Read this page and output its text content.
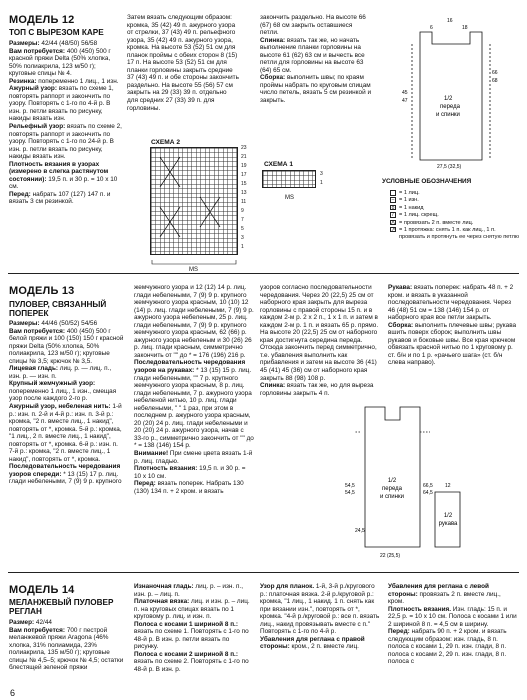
МОДЕЛЬ 12
ТОП С ВЫРЕЗОМ КАРЕ

Размеры: 42/44 (48/50) 56/58

Вам потребуется: 400 (450) 500 г красной пряжи Delta (50% хлопка, 50% полиакрила, 123 м/50 г); круговые спицы № 4.

Резинка: попеременно 1 лиц., 1 изн.

Ажурный узор: вязать по схеме 1, повторять раппорт и закончить по узору. Повторять с 1-го по 4-й р. В изн. р. петли вязать по рисунку, накиды вязать изн.

Рельефный узор: вязать по схеме 2, повторять раппорт и закончить по узору. Повторять с 1-го по 24-й р. В изн. р. петли вязать по рисунку, накиды вязать изн.

Плотность вязания в узорах (измерено в слегка растянутом состоянии): 19,5 п. и 30 р. = 10 х 10 см.

Перед: набрать 107 (127) 147 п. и вязать 3 см резинкой.

Затем вязать следующим образом: кромка, 35 (42) 49 п. ажурного узора от стрелки, 37 (43) 49 п. рельефного узора, 35 (42) 49 п. ажурного узора, кромка. На высоте 53 (52) 51 см для планок проймы с обеих сторон 8 (15) 17 п. На высоте 53 (52) 51 см для планки горловины закрыть средние 37 (43) 49 п. и обе стороны закончить раздельно. На высоте 55 (56) 57 см закрыть на 29 (33) 39 п. отдельно для средних 27 (33) 39 п. для горловины.

закончить раздельно. На высоте 66 (67) 68 см закрыть оставшиеся петли.

Спинка: вязать так же, но начать выполнение планки горловины на высоте 61 (62) 63 см и вычесть все петли для горловины на высоте 63 (64) 65 см.

Сборка: выполнить швы; по краям проймы набрать по круговым спицам число петель, вязать 5 см резинкой и закрыть.

СХЕМА 2
23
21
19
17
15
13
11
9
7
5
3
1
MS
СХЕМА 1
3
1
MS
16
6	18
1/2
переда
и спинки
66
68
45
47
27,5 (32,5)
УСЛОВНЫЕ ОБОЗНАЧЕНИЯ
= 1 лиц.
– = 1 изн.
o = 1 накид
/ = 1 лиц. скрещ.
⋀ = провязать 2 п. вместе лиц.
↗ = 1 протяжка: снять 1 п. как лиц., 1 п. провязать и протянуть ее через снятую петлю
МОДЕЛЬ 13
ПУЛОВЕР, СВЯЗАННЫЙ ПОПЕРЕК

Размеры: 44/46 (50/52) 54/56

Вам потребуется: 400 (450) 500 г белой пряжи и 100 (150) 150 г красной пряжи Delta (50% хлопка, 50% полиакрила, 123 м/50 г); круговые спицы № 3,5; крючок № 3,5.

Лицевая гладь: лиц. р. — лиц. п., изн. р. — изн. п.

Крупный жемчужный узор: попеременно 1 лиц., 1 изн., смещая узор после каждого 2-го р.

Ажурный узор, небеленая нить: 1-й р.: изн. п. 2-й и 4-й р.: изн. п. 3-й р.: кромка, "2 п. вместе лиц., 1 накид", повторять от *, кромка. 5-й р.: кромка, "1 лиц., 2 п. вместе лиц., 1 накид", повторять от *, кромка. 6-й р.: изн. п. 7-й р.: кромка, "2 п. вместе лиц., 1 накид", повторять от *, кромка.

Последовательность чередования узоров спереди: * 13 (15) 17 р. лиц. глади небелеными, 7 (9) 9 р. крупного

жемчужного узора и 12 (12) 14 р. лиц. глади небелеными, 7 (9) 9 р. крупного жемчужного узора красным, 10 (10) 12 (14) р. лиц. глади небелеными, 7 (9) 9 р. ажурного узора небеленым, 25 р. лиц. глади небелеными, 7 (9) 9 р. крупного жемчужного узора красным, 62 (66) р. ажурного узора небеленым и 30 (26) 26 р. лиц. глади красным, симметрично закончить от "" до * = 176 (196) 216 р.

Последовательность чередования узоров на рукавах: * 13 (15) 15 р. лиц. глади небелеными, "" 7 р. крупного жемчужного узора красным, 8 р. лиц. глади небелеными, 7 р. ажурного узора небеленой нитью, 10 р. лиц. глади небелеными, " " 1 раз, при этом в последнем р. ажурного узора красным, 20 (20) 24 р. лиц. глади небелеными и 20 (20) 24 р. ажурного узора, начав с 33-го р., симметрично закончить от "" до * = 138 (146) 154 р.

Внимание! При смене цвета вязать 1-й р. лиц. гладью.

Плотность вязания: 19,5 п. и 30 р. = 10 х 10 см.

Перед: вязать поперек. Набрать 130 (130) 134 п. + 2 кром. и вязать

узоров согласно последовательности чередования. Через 20 (22,5) 25 см от наборного края закрыть для выреза горловины с правой стороны 15 п. и в каждом 2-м р. 2 х 2 п., 1 х 1 п. и затем в каждом 2-м р. 1 п. и вязать 65 р. прямо. На высоте 20 (22,5) 25 см от наборного края достигнута середина переда. Отсюда закончить перед симметрично, т.е. убавления выполнить как прибавления и затем на высоте 36 (41) 45 (41) 45 (36) см от наборного края закрыть 88 (98) 108 р.

Спинка: вязать так же, но для выреза горловины закрыть 4 п.

Рукава: вязать поперек: набрать 48 п. + 2 кром. и вязать в указанной последовательности чередования. Через 46 (48) 51 см = 138 (146) 154 р. от наборного края все петли закрыть.

Сборка: выполнить плечевые швы; рукава вшить поверх сборок; выполнить швы рукавов и боковые швы. Все края крючком обвязать красной нитью по 1 круговому р. ст. б/н и по 1 р. «рачьего шага» (ст. б/н слева направо).

1/2
переда
и спинки
1/2
рукава
66,5
64,5
54,5
54,5
24,5
12
22 (25,5)
МОДЕЛЬ 14
МЕЛАНЖЕВЫЙ ПУЛОВЕР РЕГЛАН

Размер: 42/44

Вам потребуется: 700 г пестрой меланжевой пряжи Aragona (46% хлопка, 31% полиамида, 23% полиакрила, 135 м/50 г); круговые спицы № 4,5–5; крючок № 4,5; остатки блестящей зеленой пряжи

Изнаночная гладь: лиц. р. – изн. п., изн. р. – лиц. п.

Платочная вязка: лиц. и изн. р. – лиц. п. на круговых спицах вязать по 1 круговому р. лиц. и изн. п.

Полоса с косами 1 шириной 8 п.: вязать по схеме 1. Повторять с 1-го по 48-й р. В изн. р. петли вязать по рисунку.

Полоса с косами 2 шириной 8 п.: вязать по схеме 2. Повторять с 1-го по 48-й р. В изн. р.

Узор для планок. 1-й, 3-й р./кругового р.: платочная вязка. 2-й р./круговой р.: кромка, "1 лиц., 1 накид. 1 п. снять как при вязании изн.", повторять от *, кромка. "4-й р./круговой р.: все п. вязать лиц., накид провязывать вместе с п." Повторять с 1-го по 4-й р.

Убавления для реглана с правой стороны: кром., 2 п. вместе лиц.

Убавления для реглана с левой стороны: провязать 2 п. вместе лиц., кром.

Плотность вязания. Изн. гладь: 15 п. и 22,5 р. = 10 х 10 см. Полоса с косами 1 или 2 шириной 8 п. = 4,5 см в ширину.

Перед: набрать 90 п. + 2 кром. и вязать следующим образом: изн. гладь, 8 п. полоса с косами 1, 29 п. изн. глади, 8 п. полоса с косами 2, 29 п. изн. глади, 8 п. полоса с

6
